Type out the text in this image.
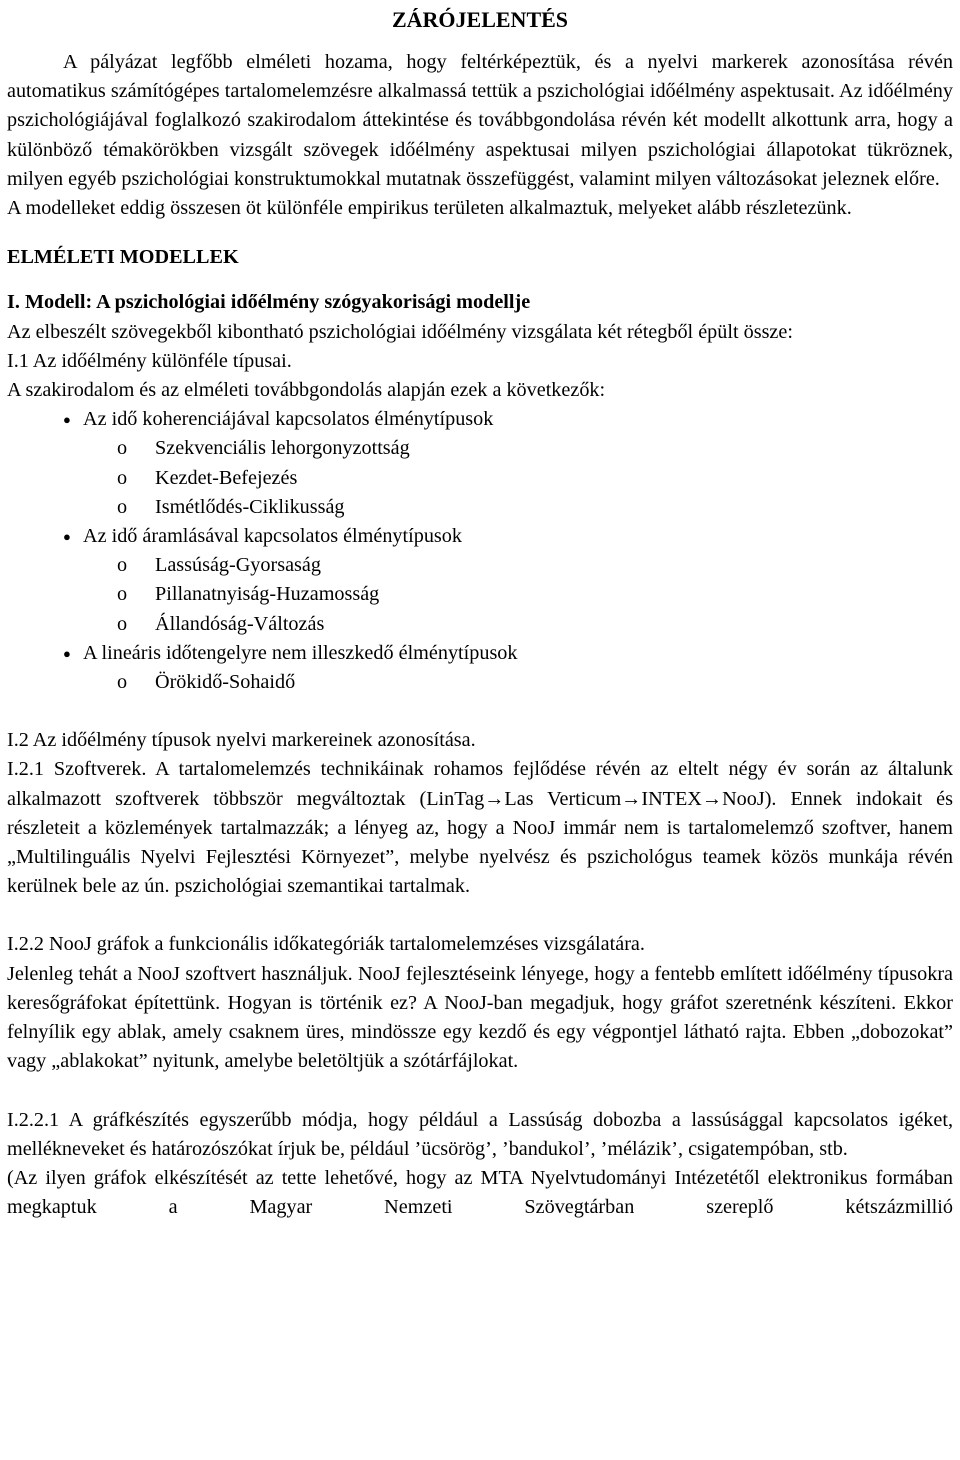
ZÁRÓJELENTÉS

A pályázat legfőbb elméleti hozama, hogy feltérképeztük, és a nyelvi markerek azonosítása révén automatikus számítógépes tartalomelemzésre alkalmassá tettük a pszichológiai időélmény aspektusait. Az időélmény pszichológiájával foglalkozó szakirodalom áttekintése és továbbgondolása révén két modellt alkottunk arra, hogy a különböző témakörökben vizsgált szövegek időélmény aspektusai milyen pszichológiai állapotokat tükröznek, milyen egyéb pszichológiai konstruktumokkal mutatnak összefüggést, valamint milyen változásokat jeleznek előre.

A modelleket eddig összesen öt különféle empirikus területen alkalmaztuk, melyeket alább részletezünk.

ELMÉLETI MODELLEK

I. Modell: A pszichológiai időélmény szógyakorisági modellje

Az elbeszélt szövegekből kibontható pszichológiai időélmény vizsgálata két rétegből épült össze:

I.1 Az időélmény különféle típusai.

A szakirodalom és az elméleti továbbgondolás alapján ezek a következők:

● Az idő koherenciájával kapcsolatos élménytípusok
o Szekvenciális lehorgonyzottság
o Kezdet-Befejezés
o Ismétlődés-Ciklikusság
● Az idő áramlásával kapcsolatos élménytípusok
o Lassúság-Gyorsaság
o Pillanatnyiság-Huzamosság
o Állandóság-Változás
● A lineáris időtengelyre nem illeszkedő élménytípusok
o Örökidő-Sohaidő

I.2 Az időélmény típusok nyelvi markereinek azonosítása.

I.2.1 Szoftverek. A tartalomelemzés technikáinak rohamos fejlődése révén az eltelt négy év során az általunk alkalmazott szoftverek többször megváltoztak (LinTag→Las Verticum→INTEX→NooJ). Ennek indokait és részleteit a közlemények tartalmazzák; a lényeg az, hogy a NooJ immár nem is tartalomelemző szoftver, hanem „Multilinguális Nyelvi Fejlesztési Környezet”, melybe nyelvész és pszichológus teamek közös munkája révén kerülnek bele az ún. pszichológiai szemantikai tartalmak.

I.2.2 NooJ gráfok a funkcionális időkategóriák tartalomelemzéses vizsgálatára.

Jelenleg tehát a NooJ szoftvert használjuk. NooJ fejlesztéseink lényege, hogy a fentebb említett időélmény típusokra keresőgráfokat építettünk. Hogyan is történik ez? A NooJ-ban megadjuk, hogy gráfot szeretnénk készíteni. Ekkor felnyílik egy ablak, amely csaknem üres, mindössze egy kezdő és egy végpontjel látható rajta. Ebben „dobozokat” vagy „ablakokat” nyitunk, amelybe beletöltjük a szótárfájlokat.

I.2.2.1 A gráfkészítés egyszerűbb módja, hogy például a Lassúság dobozba a lassúsággal kapcsolatos igéket, mellékneveket és határozószókat írjuk be, például ’ücsörög’, ’bandukol’, ’mélázik’, csigatempóban, stb.

(Az ilyen gráfok elkészítését az tette lehetővé, hogy az MTA Nyelvtudományi Intézetétől elektronikus formában megkaptuk a Magyar Nemzeti Szövegtárban szereplő kétszázmillió
